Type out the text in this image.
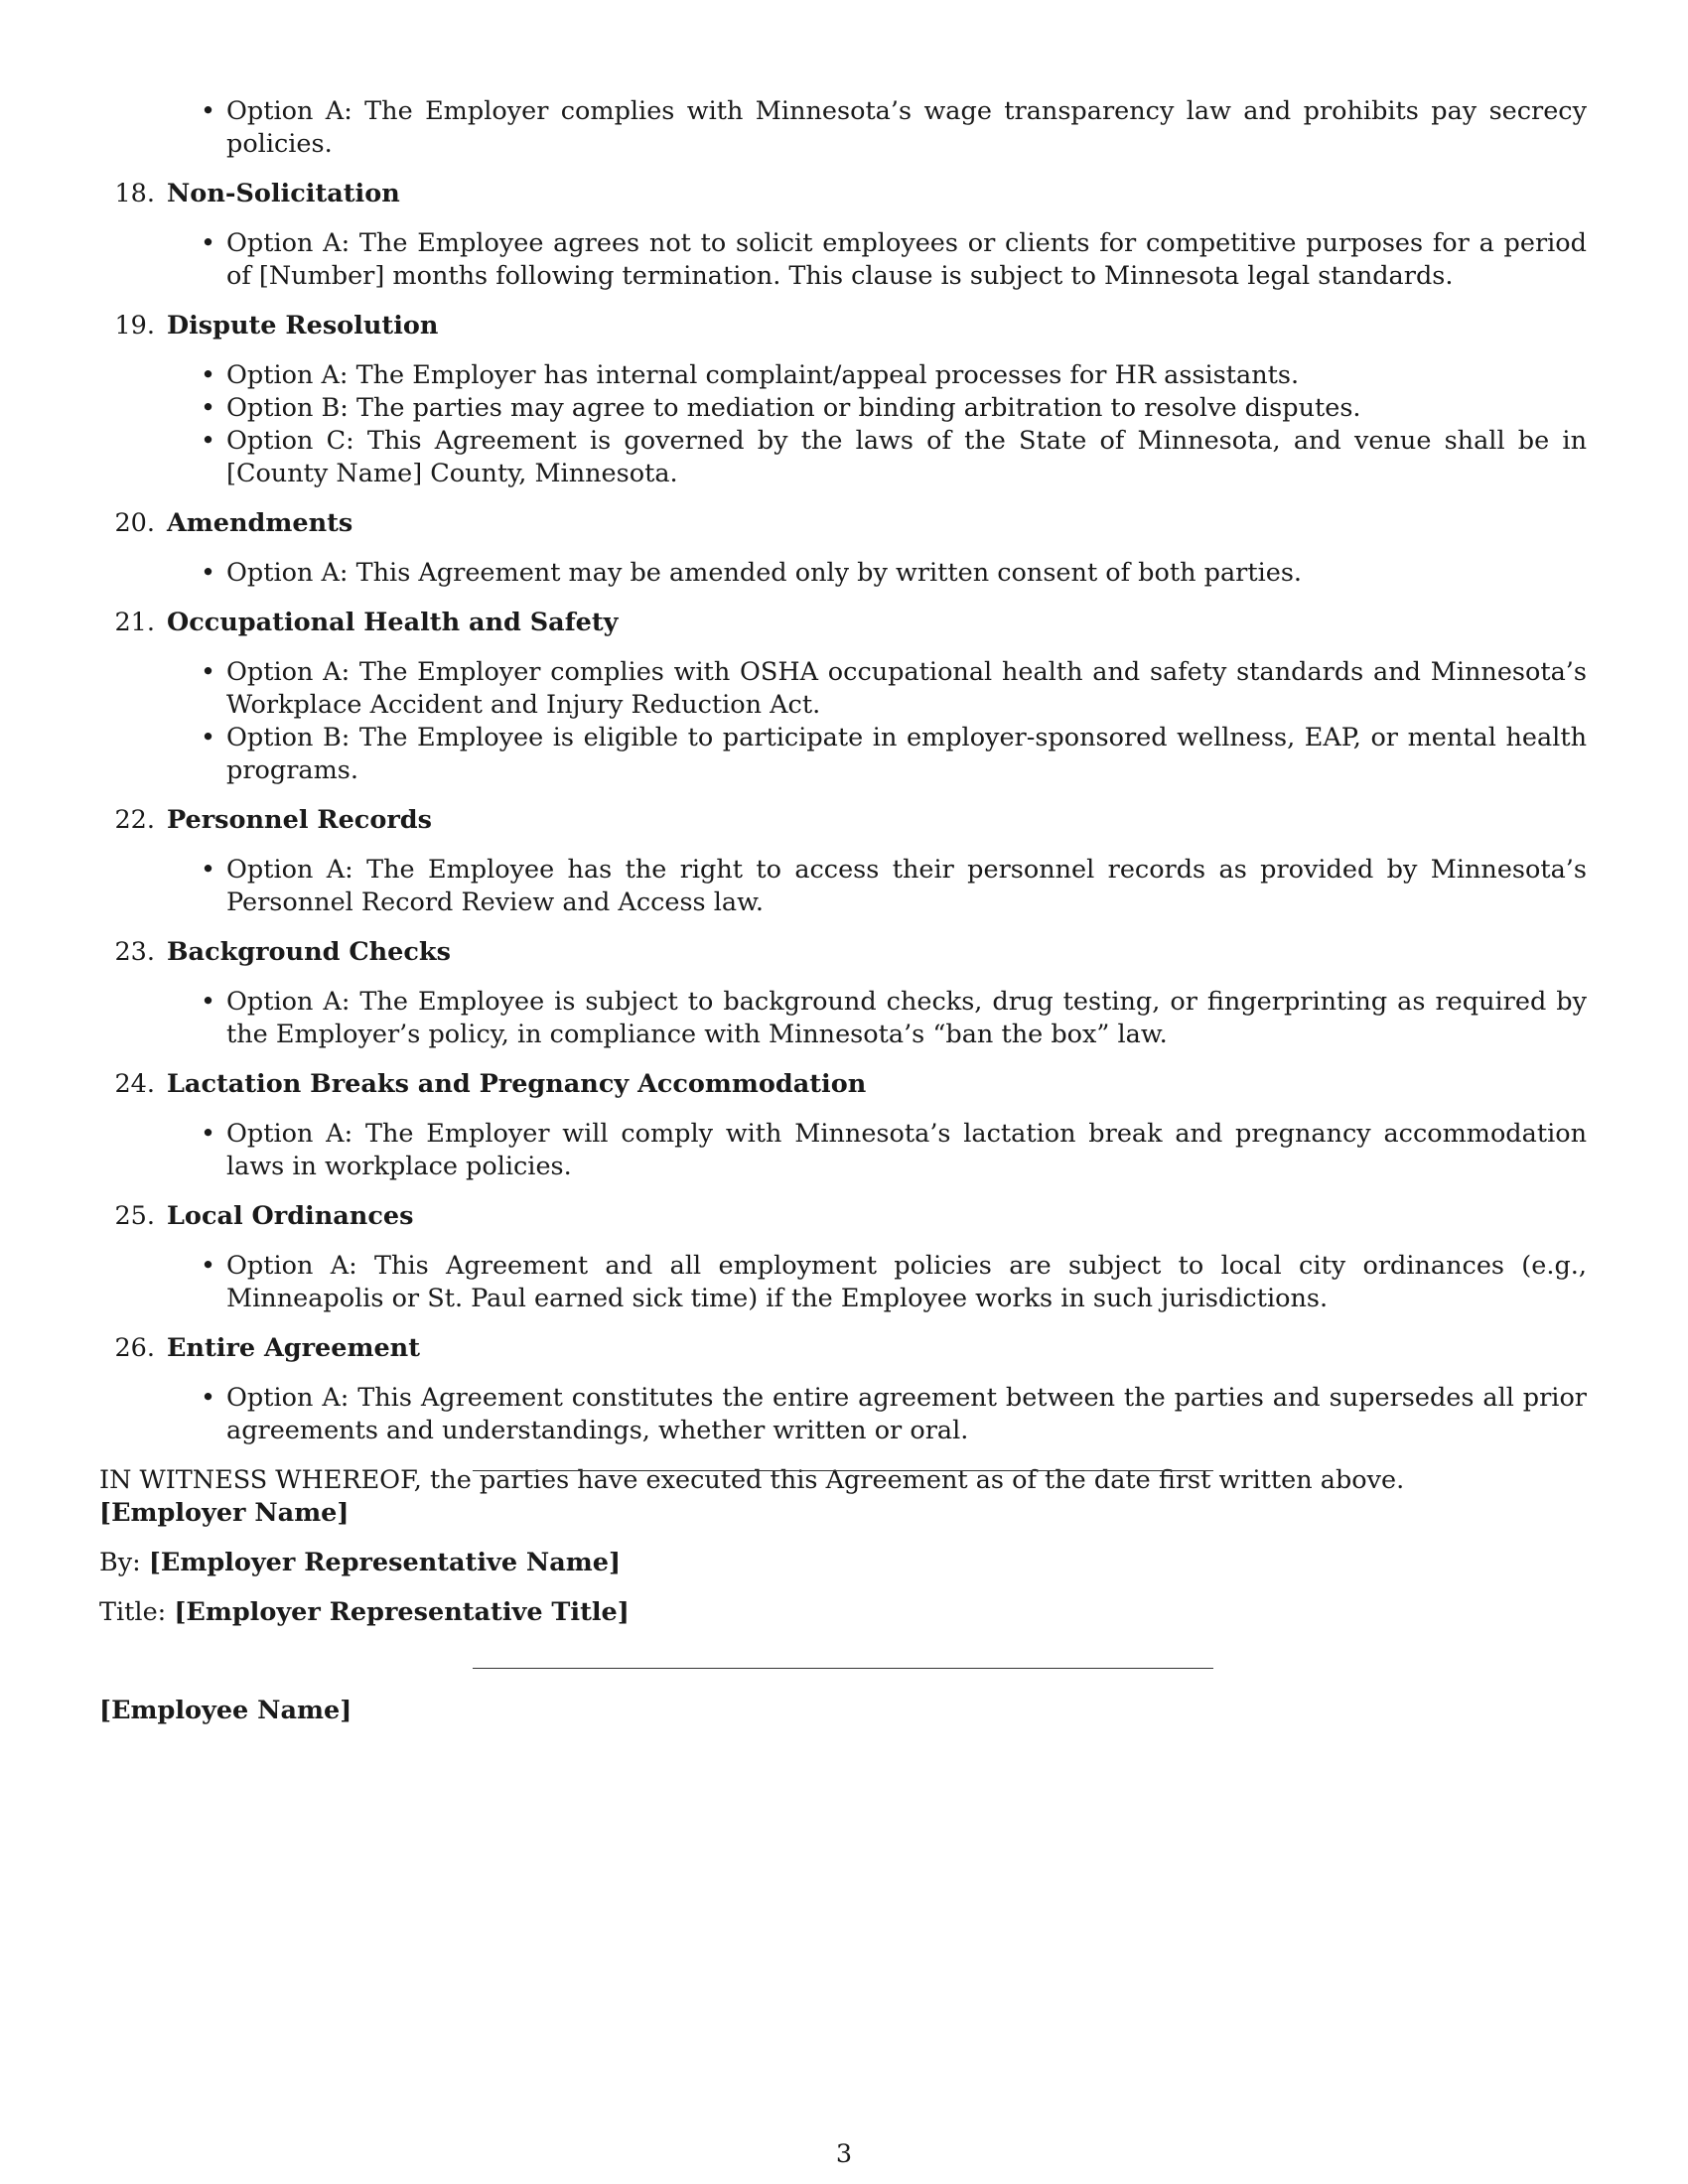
• Option A: The Employer complies with Minnesota’s wage transparency law and prohibits pay secrecy policies.
18. Non-Solicitation
• Option A: The Employee agrees not to solicit employees or clients for competitive purposes for a period of [Number] months following termination. This clause is subject to Minnesota legal standards.
19. Dispute Resolution
• Option A: The Employer has internal complaint/appeal processes for HR assistants.
• Option B: The parties may agree to mediation or binding arbitration to resolve disputes.
• Option C: This Agreement is governed by the laws of the State of Minnesota, and venue shall be in [County Name] County, Minnesota.
20. Amendments
• Option A: This Agreement may be amended only by written consent of both parties.
21. Occupational Health and Safety
• Option A: The Employer complies with OSHA occupational health and safety standards and Minnesota’s Workplace Accident and Injury Reduction Act.
• Option B: The Employee is eligible to participate in employer-sponsored wellness, EAP, or mental health programs.
22. Personnel Records
• Option A: The Employee has the right to access their personnel records as provided by Minnesota’s Personnel Record Review and Access law.
23. Background Checks
• Option A: The Employee is subject to background checks, drug testing, or fingerprinting as required by the Employer’s policy, in compliance with Minnesota’s “ban the box” law.
24. Lactation Breaks and Pregnancy Accommodation
• Option A: The Employer will comply with Minnesota’s lactation break and pregnancy accommodation laws in workplace policies.
25. Local Ordinances
• Option A: This Agreement and all employment policies are subject to local city ordinances (e.g., Minneapolis or St. Paul earned sick time) if the Employee works in such jurisdictions.
26. Entire Agreement
• Option A: This Agreement constitutes the entire agreement between the parties and supersedes all prior agreements and understandings, whether written or oral.
IN WITNESS WHEREOF, the parties have executed this Agreement as of the date first written above.
[Employer Name]
By: [Employer Representative Name]
Title: [Employer Representative Title]
[Employee Name]
3
